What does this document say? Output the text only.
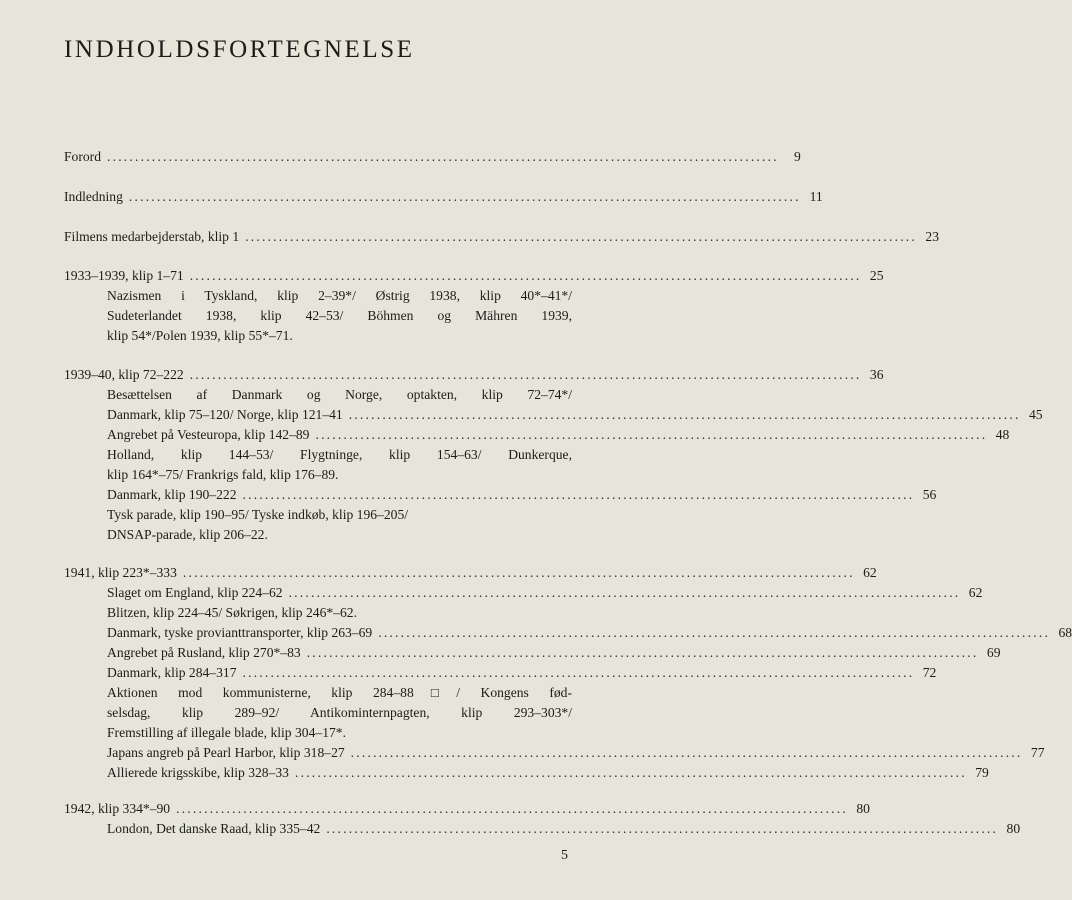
INDHOLDSFORTEGNELSE
Forord ........................................................................................................................	9
Indledning ........................................................................................................................ 11
Filmens medarbejderstab, klip 1 ........................................................................................................................ 23
1933–1939, klip 1–71 ........................................................................................................................ 25
Nazismen i Tyskland, klip 2–39*/ Østrig 1938, klip 40*–41*/
Sudeterlandet 1938, klip 42–53/ Böhmen og Mähren 1939,
klip 54*/Polen 1939, klip 55*–71.
1939–40, klip 72–222 ........................................................................................................................ 36
Besættelsen af Danmark og Norge, optakten, klip 72–74*/
Danmark, klip 75–120/ Norge, klip 121–41 ........................................................................................................................ 45
Angrebet på Vesteuropa, klip 142–89 ........................................................................................................................ 48
Holland, klip 144–53/ Flygtninge, klip 154–63/ Dunkerque,
klip 164*–75/ Frankrigs fald, klip 176–89.
Danmark, klip 190–222 ........................................................................................................................ 56
Tysk parade, klip 190–95/ Tyske indkøb, klip 196–205/
DNSAP-parade, klip 206–22.
1941, klip 223*–333 ........................................................................................................................ 62
Slaget om England, klip 224–62 ........................................................................................................................ 62
Blitzen, klip 224–45/ Søkrigen, klip 246*–62.
Danmark, tyske provianttransporter, klip 263–69 ........................................................................................................................ 68
Angrebet på Rusland, klip 270*–83 ........................................................................................................................ 69
Danmark, klip 284–317 ........................................................................................................................ 72
Aktionen mod kommunisterne, klip 284–88□/ Kongens fød-
selsdag, klip 289–92/ Antikominternpagten, klip 293–303*/
Fremstilling af illegale blade, klip 304–17*.
Japans angreb på Pearl Harbor, klip 318–27 ........................................................................................................................ 77
Allierede krigsskibe, klip 328–33 ........................................................................................................................ 79
1942, klip 334*–90 ........................................................................................................................ 80
London, Det danske Raad, klip 335–42 ........................................................................................................................ 80
5
